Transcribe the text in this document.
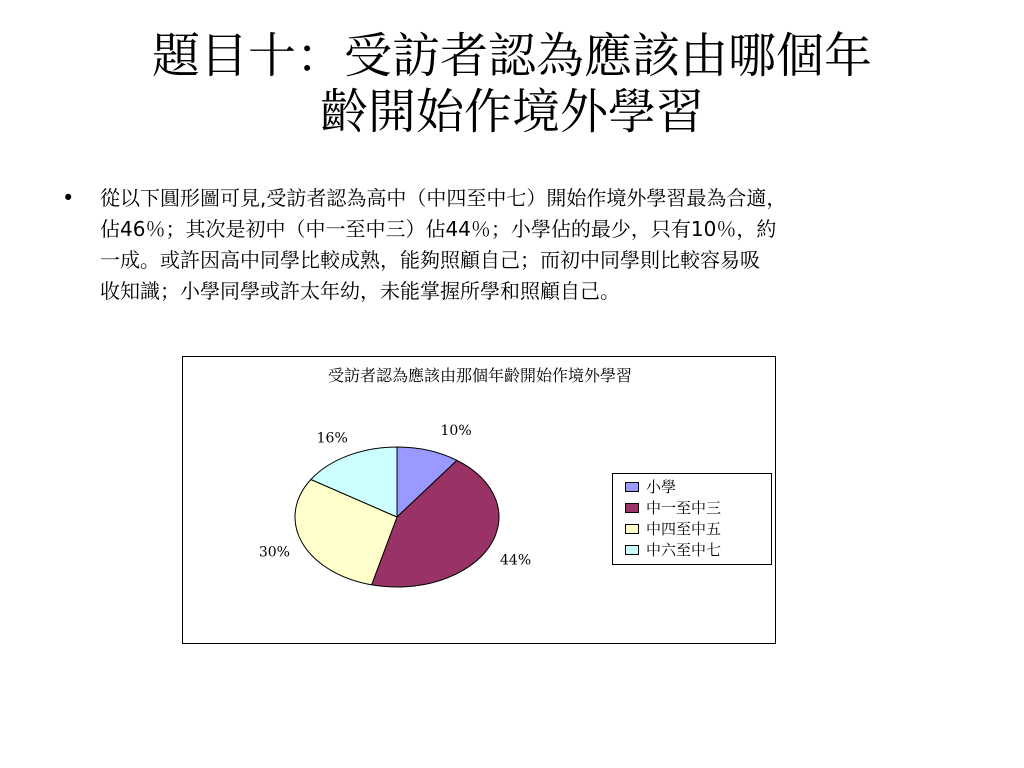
題目十：受訪者認為應該由哪個年
齡開始作境外學習
•	從以下圓形圖可見,受訪者認為高中（中四至中七）開始作境外學習最為合適，
佔46％；其次是初中（中一至中三）佔44％；小學佔的最少，只有10％，約
一成。或許因高中同學比較成熟，能夠照顧自己；而初中同學則比較容易吸
收知識；小學同學或許太年幼，未能掌握所學和照顧自己。
受訪者認為應該由那個年齡開始作境外學習
10%
44%
30%
16%
小學
中一至中三
中四至中五
中六至中七
